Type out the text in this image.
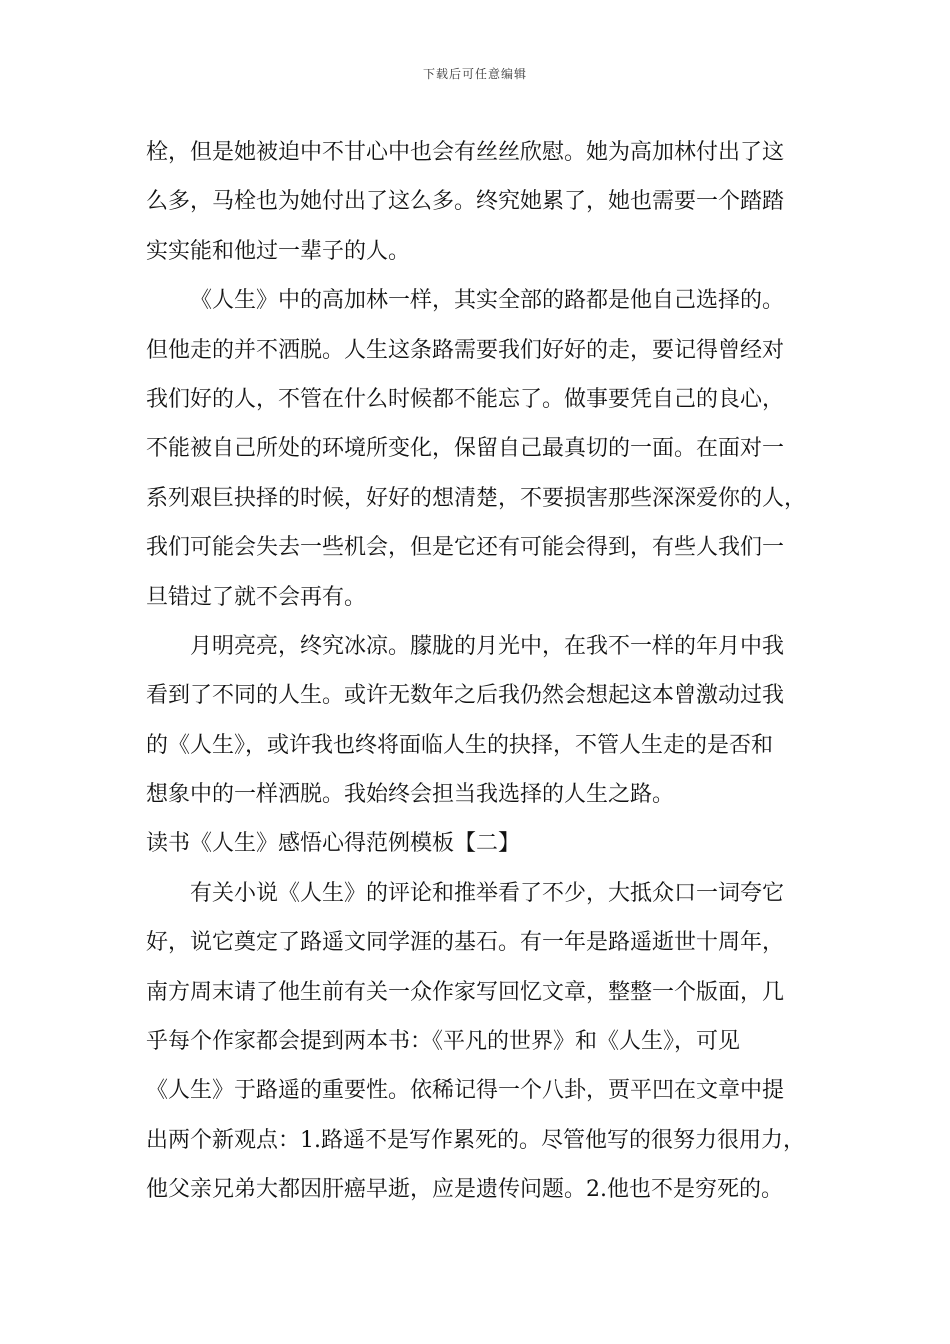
下载后可任意编辑
栓，但是她被迫中不甘心中也会有丝丝欣慰。她为高加林付出了这
么多，马栓也为她付出了这么多。终究她累了，她也需要一个踏踏
实实能和他过一辈子的人。
《人生》中的高加林一样，其实全部的路都是他自己选择的。
但他走的并不洒脱。人生这条路需要我们好好的走，要记得曾经对
我们好的人，不管在什么时候都不能忘了。做事要凭自己的良心，
不能被自己所处的环境所变化，保留自己最真切的一面。在面对一
系列艰巨抉择的时候，好好的想清楚，不要损害那些深深爱你的人，
我们可能会失去一些机会，但是它还有可能会得到，有些人我们一
旦错过了就不会再有。
月明亮亮，终究冰凉。朦胧的月光中，在我不一样的年月中我
看到了不同的人生。或许无数年之后我仍然会想起这本曾激动过我
的《人生》，或许我也终将面临人生的抉择，不管人生走的是否和
想象中的一样洒脱。我始终会担当我选择的人生之路。
读书《人生》感悟心得范例模板【二】
有关小说《人生》的评论和推举看了不少，大抵众口一词夸它
好，说它奠定了路遥文同学涯的基石。有一年是路遥逝世十周年，
南方周末请了他生前有关一众作家写回忆文章，整整一个版面，几
乎每个作家都会提到两本书：《平凡的世界》和《人生》，可见
《人生》于路遥的重要性。依稀记得一个八卦，贾平凹在文章中提
出两个新观点：1.路遥不是写作累死的。尽管他写的很努力很用力，
他父亲兄弟大都因肝癌早逝，应是遗传问题。2.他也不是穷死的。
